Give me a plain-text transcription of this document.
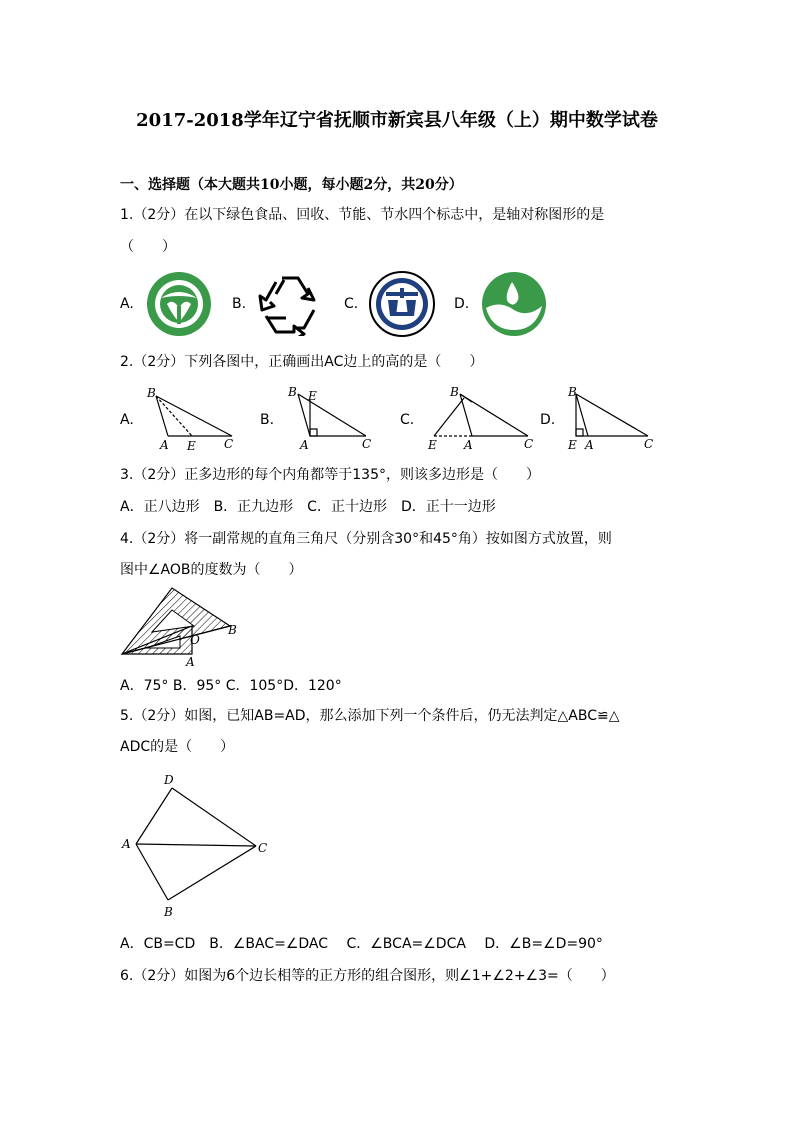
2017-2018学年辽宁省抚顺市新宾县八年级（上）期中数学试卷
一、选择题（本大题共10小题，每小题2分，共20分）
1.（2分）在以下绿色食品、回收、节能、节水四个标志中，是轴对称图形的是
（　　）
A.	B.	C.	D.
2.（2分）下列各图中，正确画出AC边上的高的是（　　）
A.
B
A E C
B.
B E
A	C
C.
B
E A	C
D.
B
E A	C
3.（2分）正多边形的每个内角都等于135°，则该多边形是（　　）
A．正八边形　B．正九边形　C．正十边形　D．正十一边形
4.（2分）将一副常规的直角三角尺（分别含30°和45°角）按如图方式放置，则
图中∠AOB的度数为（　　）
O
A
B
A．75° B．95° C．105°D．120°
5.（2分）如图，已知AB=AD，那么添加下列一个条件后，仍无法判定△ABC≌△
ADC的是（　　）
D
A	C
B
A．CB=CD　B．∠BAC=∠DAC　 C．∠BCA=∠DCA　 D．∠B=∠D=90°
6.（2分）如图为6个边长相等的正方形的组合图形，则∠1+∠2+∠3=（　　）
